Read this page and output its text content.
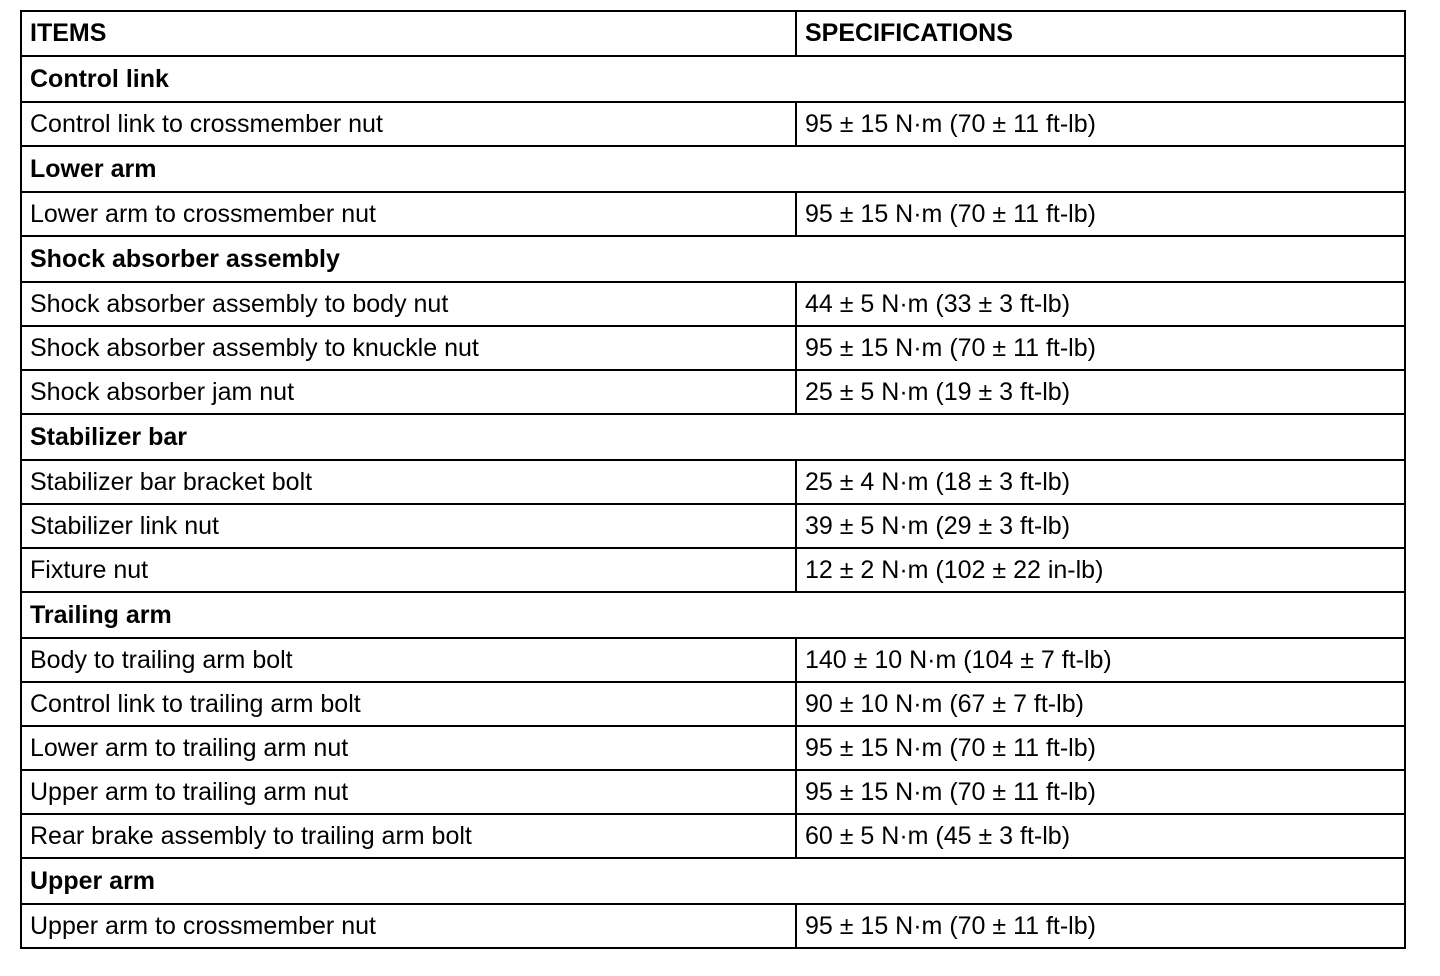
ITEMS	SPECIFICATIONS
Control link	
Control link to crossmember nut	95 ± 15 N·m (70 ± 11 ft-lb)
Lower arm	
Lower arm to crossmember nut	95 ± 15 N·m (70 ± 11 ft-lb)
Shock absorber assembly	
Shock absorber assembly to body nut	44 ± 5 N·m (33 ± 3 ft-lb)
Shock absorber assembly to knuckle nut	95 ± 15 N·m (70 ± 11 ft-lb)
Shock absorber jam nut	25 ± 5 N·m (19 ± 3 ft-lb)
Stabilizer bar	
Stabilizer bar bracket bolt	25 ± 4 N·m (18 ± 3 ft-lb)
Stabilizer link nut	39 ± 5 N·m (29 ± 3 ft-lb)
Fixture nut	12 ± 2 N·m (102 ± 22 in-lb)
Trailing arm	
Body to trailing arm bolt	140 ± 10 N·m (104 ± 7 ft-lb)
Control link to trailing arm bolt	90 ± 10 N·m (67 ± 7 ft-lb)
Lower arm to trailing arm nut	95 ± 15 N·m (70 ± 11 ft-lb)
Upper arm to trailing arm nut	95 ± 15 N·m (70 ± 11 ft-lb)
Rear brake assembly to trailing arm bolt	60 ± 5 N·m (45 ± 3 ft-lb)
Upper arm	
Upper arm to crossmember nut	95 ± 15 N·m (70 ± 11 ft-lb)
